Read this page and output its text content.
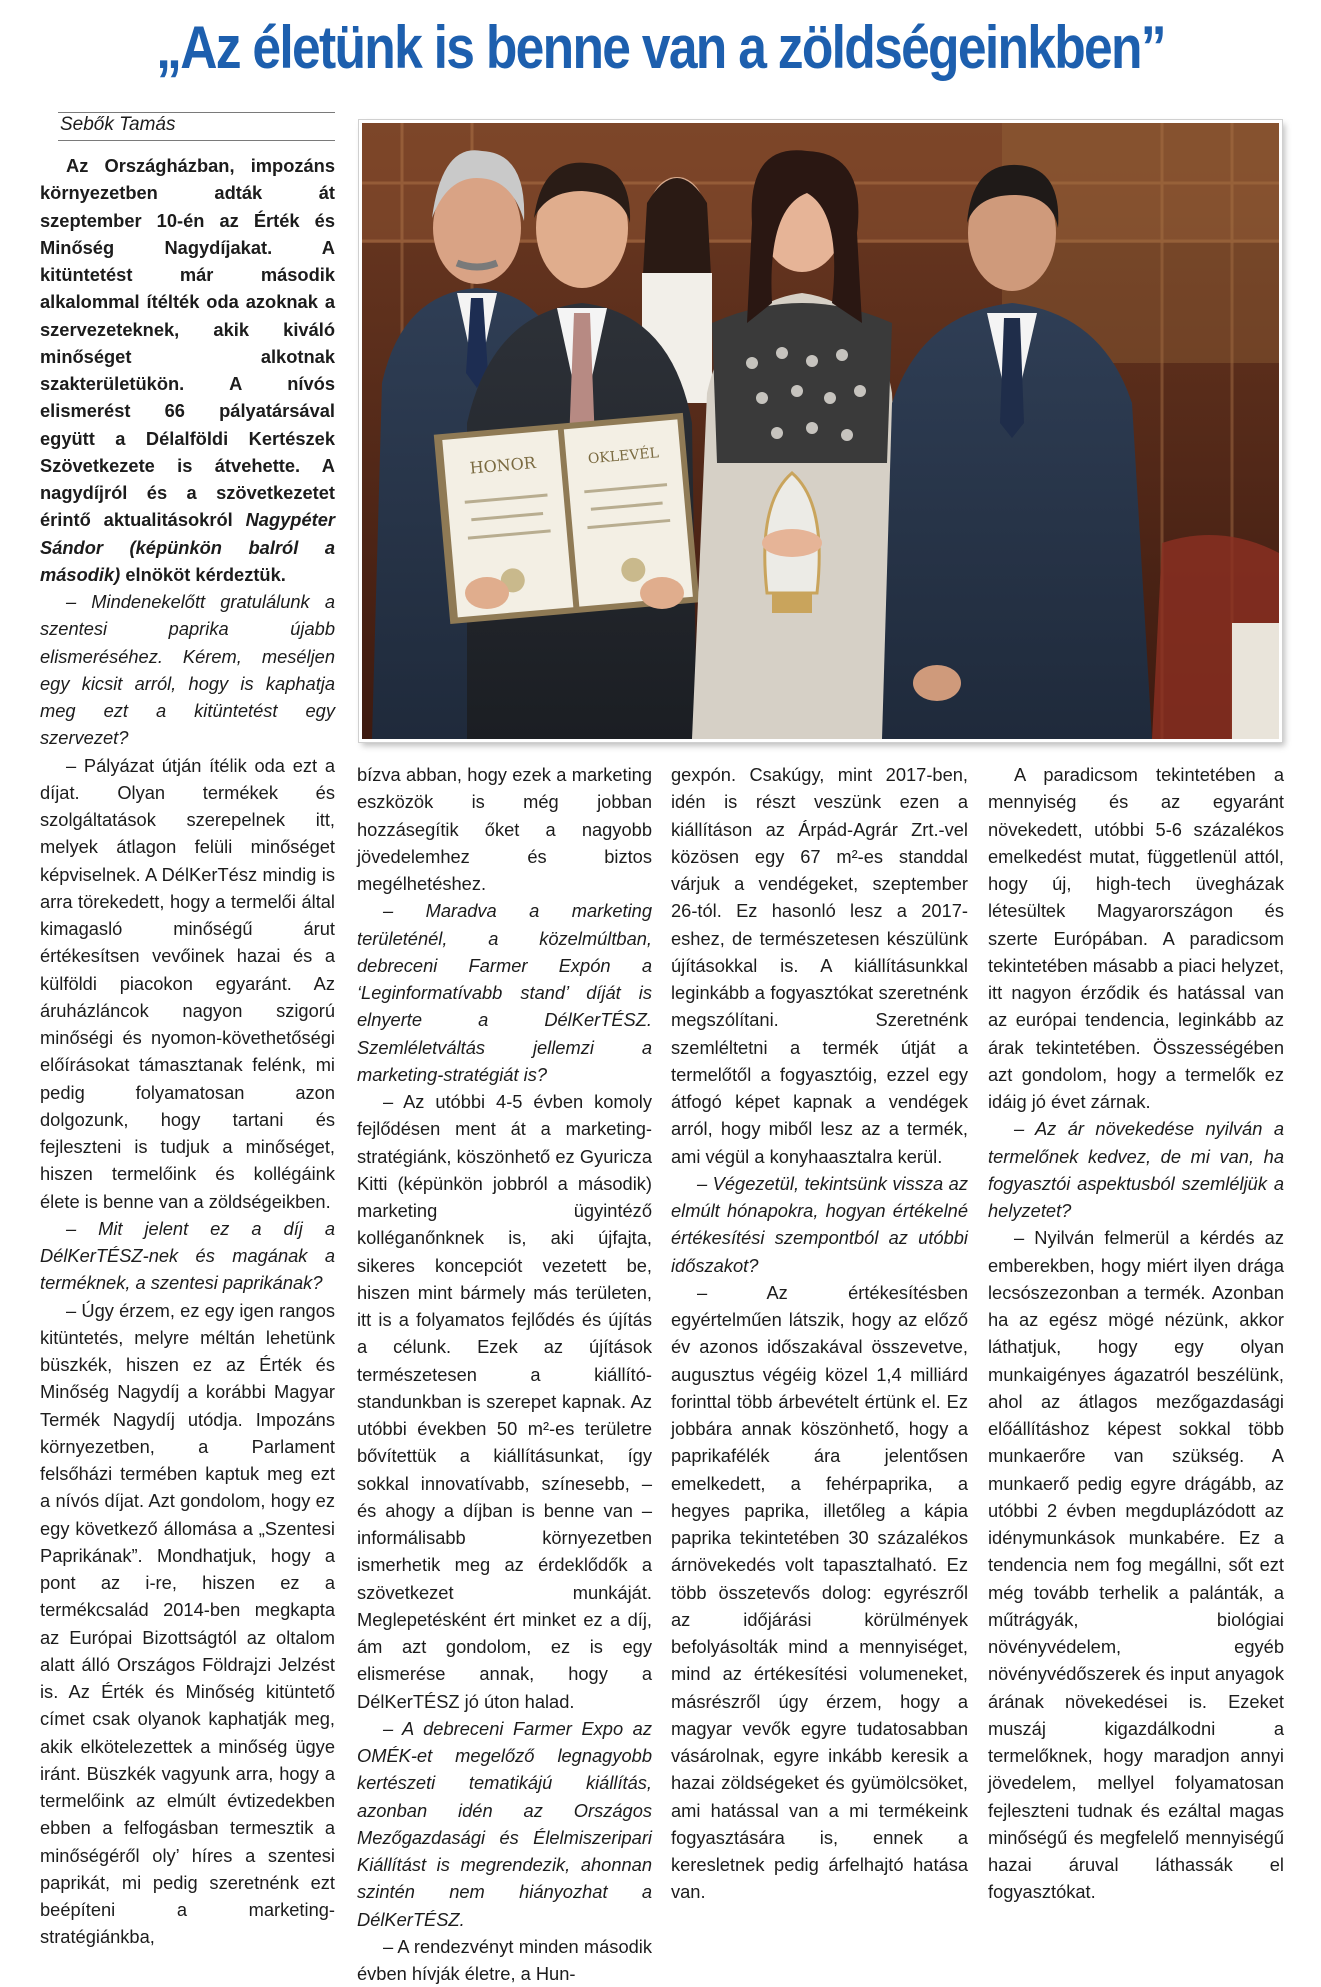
„Az életünk is benne van a zöldségeinkben”

Sebők Tamás

Az Országházban, impozáns környezetben adták át szeptember 10-én az Érték és Minőség Nagydíjakat. A kitüntetést már második alkalommal ítélték oda azoknak a szervezeteknek, akik kiváló minőséget alkotnak szakterületükön. A nívós elismerést 66 pályatársával együtt a Délalföldi Kertészek Szövetkezete is átvehette. A nagydíjról és a szövetkezetet érintő aktualitásokról Nagypéter Sándor (képünkön balról a második) elnököt kérdeztük.

– Mindenekelőtt gratulálunk a szentesi paprika újabb elismeréséhez. Kérem, meséljen egy kicsit arról, hogy is kaphatja meg ezt a kitüntetést egy szervezet?

– Pályázat útján ítélik oda ezt a díjat. Olyan termékek és szolgáltatások szerepelnek itt, melyek átlagon felüli minőséget képviselnek. A DélKerTész mindig is arra törekedett, hogy a termelői által kimagasló minőségű árut értékesítsen vevőinek hazai és a külföldi piacokon egyaránt. Az áruházláncok nagyon szigorú minőségi és nyomon-követhetőségi előírásokat támasztanak felénk, mi pedig folyamatosan azon dolgozunk, hogy tartani és fejleszteni is tudjuk a minőséget, hiszen termelőink és kollégáink élete is benne van a zöldségeikben.

– Mit jelent ez a díj a DélKerTÉSZ-nek és magának a terméknek, a szentesi paprikának?

– Úgy érzem, ez egy igen rangos kitüntetés, melyre méltán lehetünk büszkék, hiszen ez az Érték és Minőség Nagydíj a korábbi Magyar Termék Nagydíj utódja. Impozáns környezetben, a Parlament felsőházi termében kaptuk meg ezt a nívós díjat. Azt gondolom, hogy ez egy következő állomása a „Szentesi Paprikának”. Mondhatjuk, hogy a pont az i-re, hiszen ez a termékcsalád 2014-ben megkapta az Európai Bizottságtól az oltalom alatt álló Országos Földrajzi Jelzést is. Az Érték és Minőség kitüntető címet csak olyanok kaphatják meg, akik elkötelezettek a minőség ügye iránt. Büszkék vagyunk arra, hogy a termelőink az elmúlt évtizedekben ebben a felfogásban termesztik a minőségéről oly’ híres a szentesi paprikát, mi pedig szeretnénk ezt beépíteni a marketing-stratégiánkba,

HONOR	OKLEVÉL

bízva abban, hogy ezek a marketing eszközök is még jobban hozzásegítik őket a nagyobb jövedelemhez és biztos megélhetéshez.

– Maradva a marketing területénél, a közelmúltban, debreceni Farmer Expón a ‘Leginformatívabb stand’ díját is elnyerte a DélKerTÉSZ. Szemléletváltás jellemzi a marketing-stratégiát is?

– Az utóbbi 4-5 évben komoly fejlődésen ment át a marketing-stratégiánk, köszönhető ez Gyuricza Kitti (képünkön jobbról a második) marketing ügyintéző kolléganőnknek is, aki újfajta, sikeres koncepciót vezetett be, hiszen mint bármely más területen, itt is a folyamatos fejlődés és újítás a célunk. Ezek az újítások természetesen a kiállító-standunkban is szerepet kapnak. Az utóbbi években 50 m²-es területre bővítettük a kiállításunkat, így sokkal innovatívabb, színesebb, – és ahogy a díjban is benne van – informálisabb környezetben ismerhetik meg az érdeklődők a szövetkezet munkáját. Meglepetésként ért minket ez a díj, ám azt gondolom, ez is egy elismerése annak, hogy a DélKerTÉSZ jó úton halad.

– A debreceni Farmer Expo az OMÉK-et megelőző legnagyobb kertészeti tematikájú kiállítás, azonban idén az Országos Mezőgazdasági és Élelmiszeripari Kiállítást is megrendezik, ahonnan szintén nem hiányozhat a DélKerTÉSZ.

– A rendezvényt minden második évben hívják életre, a Hun-

gexpón. Csakúgy, mint 2017-ben, idén is részt veszünk ezen a kiállításon az Árpád-Agrár Zrt.-vel közösen egy 67 m²-es standdal várjuk a vendégeket, szeptember 26-tól. Ez hasonló lesz a 2017-eshez, de természetesen készülünk újításokkal is. A kiállításunkkal leginkább a fogyasztókat szeretnénk megszólítani. Szeretnénk szemléltetni a termék útját a termelőtől a fogyasztóig, ezzel egy átfogó képet kapnak a vendégek arról, hogy miből lesz az a termék, ami végül a konyhaasztalra kerül.

– Végezetül, tekintsünk vissza az elmúlt hónapokra, hogyan értékelné értékesítési szempontból az utóbbi időszakot?

– Az értékesítésben egyértelműen látszik, hogy az előző év azonos időszakával összevetve, augusztus végéig közel 1,4 milliárd forinttal több árbevételt értünk el. Ez jobbára annak köszönhető, hogy a paprikafélék ára jelentősen emelkedett, a fehérpaprika, a hegyes paprika, illetőleg a kápia paprika tekintetében 30 százalékos árnövekedés volt tapasztalható. Ez több összetevős dolog: egyrészről az időjárási körülmények befolyásolták mind a mennyiséget, mind az értékesítési volumeneket, másrészről úgy érzem, hogy a magyar vevők egyre tudatosabban vásárolnak, egyre inkább keresik a hazai zöldségeket és gyümölcsöket, ami hatással van a mi termékeink fogyasztására is, ennek a keresletnek pedig árfelhajtó hatása van.

A paradicsom tekintetében a mennyiség és az egyaránt növekedett, utóbbi 5-6 százalékos emelkedést mutat, függetlenül attól, hogy új, high-tech üvegházak létesültek Magyarországon és szerte Európában. A paradicsom tekintetében másabb a piaci helyzet, itt nagyon érződik és hatással van az európai tendencia, leginkább az árak tekintetében. Összességében azt gondolom, hogy a termelők ez idáig jó évet zárnak.

– Az ár növekedése nyilván a termelőnek kedvez, de mi van, ha fogyasztói aspektusból szemléljük a helyzetet?

– Nyilván felmerül a kérdés az emberekben, hogy miért ilyen drága lecsószezonban a termék. Azonban ha az egész mögé nézünk, akkor láthatjuk, hogy egy olyan munkaigényes ágazatról beszélünk, ahol az átlagos mezőgazdasági előállításhoz képest sokkal több munkaerőre van szükség. A munkaerő pedig egyre drágább, az utóbbi 2 évben megduplázódott az idénymunkások munkabére. Ez a tendencia nem fog megállni, sőt ezt még tovább terhelik a palánták, a műtrágyák, biológiai növényvédelem, egyéb növényvédőszerek és input anyagok árának növekedései is. Ezeket muszáj kigazdálkodni a termelőknek, hogy maradjon annyi jövedelem, mellyel folyamatosan fejleszteni tudnak és ezáltal magas minőségű és megfelelő mennyiségű hazai áruval láthassák el fogyasztókat.
